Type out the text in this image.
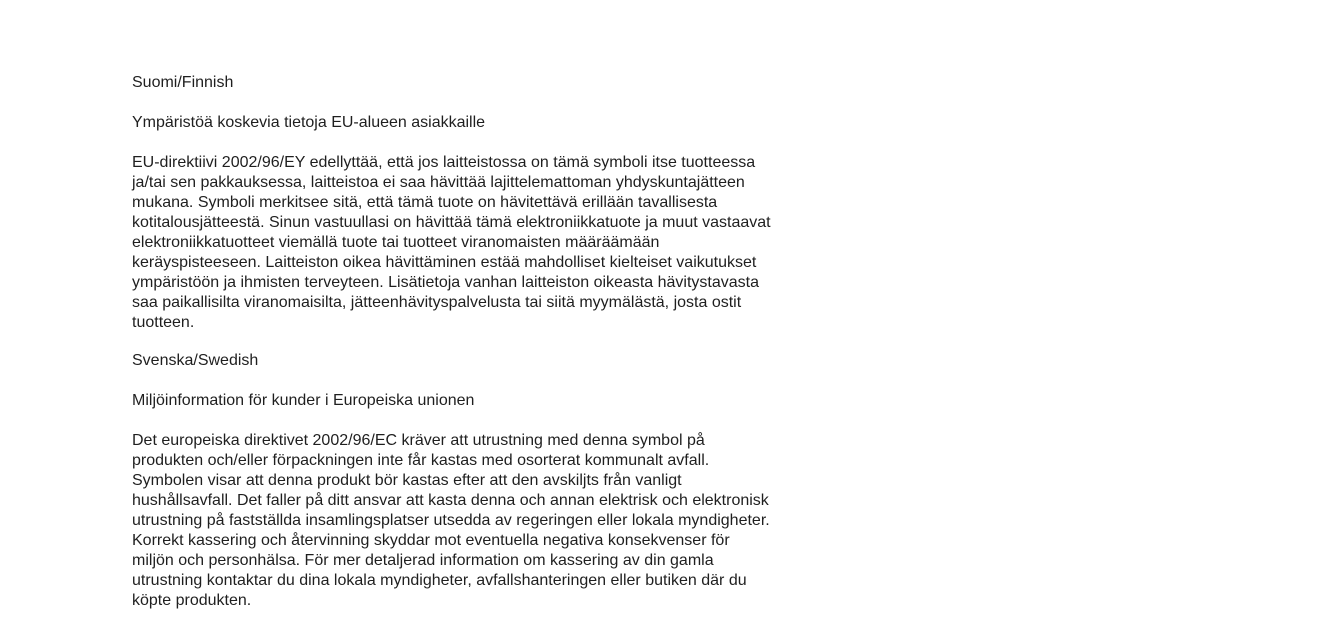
Suomi/Finnish

Ympäristöä koskevia tietoja EU-alueen asiakkaille

EU-direktiivi 2002/96/EY edellyttää, että jos laitteistossa on tämä symboli itse tuotteessa ja/tai sen pakkauksessa, laitteistoa ei saa hävittää lajittelemattoman yhdyskuntajätteen mukana. Symboli merkitsee sitä, että tämä tuote on hävitettävä erillään tavallisesta kotitalousjätteestä. Sinun vastuullasi on hävittää tämä elektroniikkatuote ja muut vastaavat elektroniikkatuotteet viemällä tuote tai tuotteet viranomaisten määräämään keräyspisteeseen. Laitteiston oikea hävittäminen estää mahdolliset kielteiset vaikutukset ympäristöön ja ihmisten terveyteen. Lisätietoja vanhan laitteiston oikeasta hävitystavasta saa paikallisilta viranomaisilta, jätteenhävityspalvelusta tai siitä myymälästä, josta ostit tuotteen.

Svenska/Swedish

Miljöinformation för kunder i Europeiska unionen

Det europeiska direktivet 2002/96/EC kräver att utrustning med denna symbol på produkten och/eller förpackningen inte får kastas med osorterat kommunalt avfall. Symbolen visar att denna produkt bör kastas efter att den avskiljts från vanligt hushållsavfall. Det faller på ditt ansvar att kasta denna och annan elektrisk och elektronisk utrustning på fastställda insamlingsplatser utsedda av regeringen eller lokala myndigheter. Korrekt kassering och återvinning skyddar mot eventuella negativa konsekvenser för miljön och personhälsa. För mer detaljerad information om kassering av din gamla utrustning kontaktar du dina lokala myndigheter, avfallshanteringen eller butiken där du köpte produkten.
